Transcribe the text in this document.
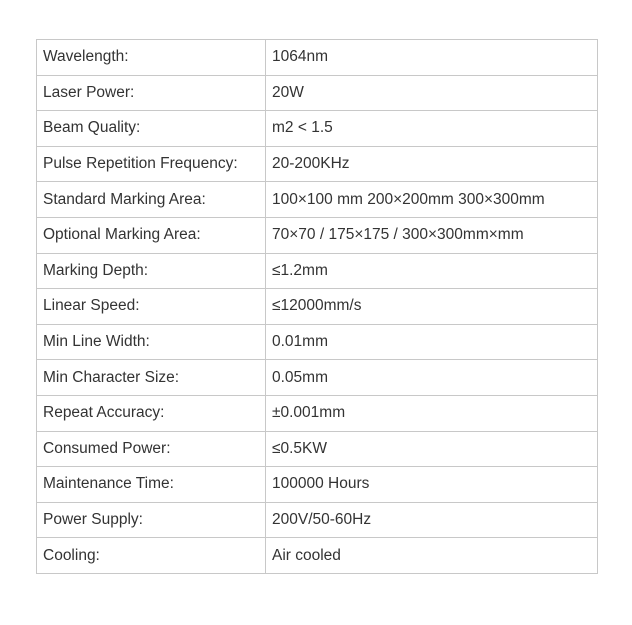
Wavelength:	1064nm
Laser Power:	20W
Beam Quality:	m2 < 1.5
Pulse Repetition Frequency:	20-200KHz
Standard Marking Area:	100×100 mm 200×200mm 300×300mm
Optional Marking Area:	70×70 / 175×175 / 300×300mm×mm
Marking Depth:	≤1.2mm
Linear Speed:	≤12000mm/s
Min Line Width:	0.01mm
Min Character Size:	0.05mm
Repeat Accuracy:	±0.001mm
Consumed Power:	≤0.5KW
Maintenance Time:	100000 Hours
Power Supply:	200V/50-60Hz
Cooling:	Air cooled
